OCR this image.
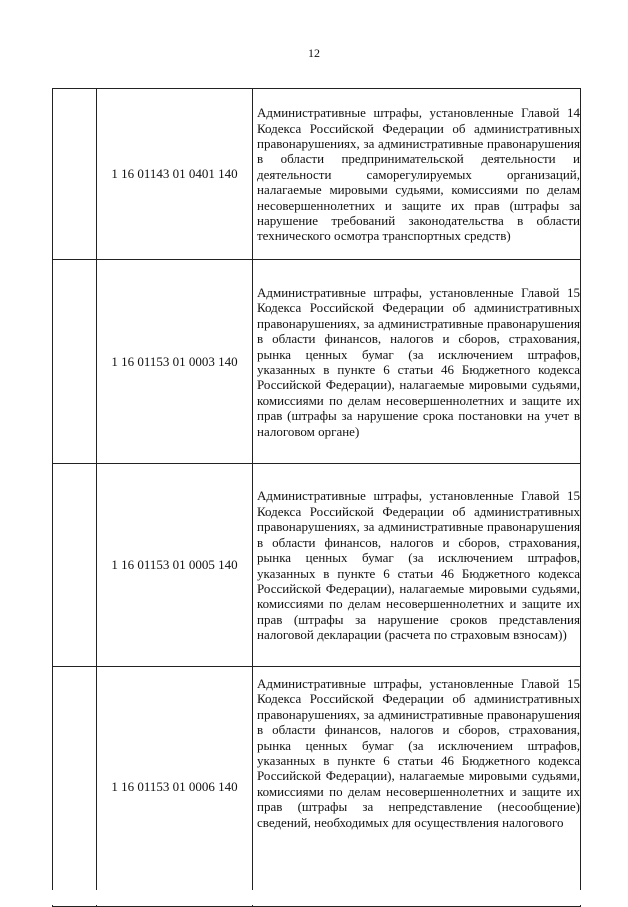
12

	1 16 01143 01 0401 140	Административные штрафы, установленные Главой 14 Кодекса Российской Федерации об административных правонарушениях, за административные правонарушения в области предпринимательской деятельности и деятельности саморегулируемых организаций, налагаемые мировыми судьями, комиссиями по делам несовершеннолетних и защите их прав (штрафы за нарушение требований законодательства в области технического осмотра транспортных средств)

	1 16 01153 01 0003 140	Административные штрафы, установленные Главой 15 Кодекса Российской Федерации об административных правонарушениях, за административные правонарушения в области финансов, налогов и сборов, страхования, рынка ценных бумаг (за исключением штрафов, указанных в пункте 6 статьи 46 Бюджетного кодекса Российской Федерации), налагаемые мировыми судьями, комиссиями по делам несовершеннолетних и защите их прав (штрафы за нарушение срока постановки на учет в налоговом органе)

	1 16 01153 01 0005 140	Административные штрафы, установленные Главой 15 Кодекса Российской Федерации об административных правонарушениях, за административные правонарушения в области финансов, налогов и сборов, страхования, рынка ценных бумаг (за исключением штрафов, указанных в пункте 6 статьи 46 Бюджетного кодекса Российской Федерации), налагаемые мировыми судьями, комиссиями по делам несовершеннолетних и защите их прав (штрафы за нарушение сроков представления налоговой декларации (расчета по страховым взносам))

	1 16 01153 01 0006 140	Административные штрафы, установленные Главой 15 Кодекса Российской Федерации об административных правонарушениях, за административные правонарушения в области финансов, налогов и сборов, страхования, рынка ценных бумаг (за исключением штрафов, указанных в пункте 6 статьи 46 Бюджетного кодекса Российской Федерации), налагаемые мировыми судьями, комиссиями по делам несовершеннолетних и защите их прав (штрафы за непредставление (несообщение) сведений, необходимых для осуществления налогового
